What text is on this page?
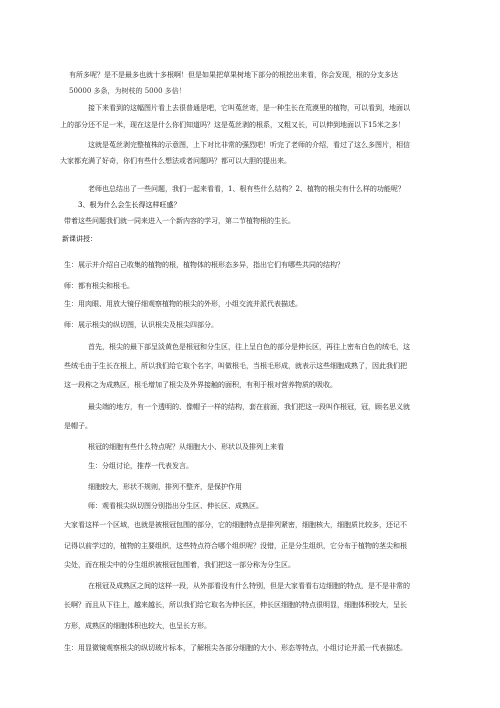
有所多呢？是不是最多也就十多根啊！但是如果把草果树地下部分的根挖出来看，你会发现，根的分支多达

50000 多条，为树枝的 5000 多倍！

接下来看到的这幅图片看上去很普通是吧，它叫菟丝寄，是一种生长在荒漠里的植物，可以看到，地面以

上的部分还不足一米，现在这是什么你们知道吗？这是菟丝剥的根系，又粗又长，可以伸到地面以下15米之多！

这就是菟丝剥完整植株的示意图，上下对比非常的强烈吧！听完了老师的介绍，看过了这么多图片，相信

大家都充满了好奇，你们有些什么想法或者问题吗？都可以大胆的提出来。

老师也总结出了一些问题，我们一起来看看，1、根有些什么结构？2、植物的根尖有什么样的功能呢？

3、根为什么会生长得这样旺盛？

带着这些问题我们就一同来进入一个新内容的学习，第二节植物根的生长。

新课讲授：

生：展示并介绍自己收集的植物的根，植物体的根形态多异，指出它们有哪些共同的结构？

师：都有根尖和根毛。

生：用肉眼、用放大镜仔细观察植物的根尖的外形，小组交流并派代表描述。

师：展示根尖的纵切图，认识根尖及根尖四部分。

首先，根尖的最下部呈淡黄色是根冠和分生区，往上呈白色的部分是伸长区，再往上密布白色的绒毛，这

些绒毛由于生长在根上，所以我们给它取个名字，叫做根毛，当根毛形成，就表示这些细胞成熟了，因此我们把

这一段称之为成熟区，根毛增加了根尖及外界接触的面积，有利于根对营养物质的吸收。

最尖端的地方，有一个透明的、像帽子一样的结构，套在前面，我们把这一段叫作根冠，冠，顾名思义就

是帽子。

根冠的细胞有些什么特点呢？从细胞大小、形状以及排列上来看

生：分组讨论，推荐一代表发言。

细胞较大，形状不规则，排列不整齐，是保护作用

师：观看根尖纵切图分别指出分生区、伸长区、成熟区。

大家看这样一个区域，也就是被根冠包围的部分，它的细胞特点是排列紧密，细胞核大，细胞质比较多，还记不

记得以前学过的，植物的主要组织，这些特点符合哪个组织呢？没错，正是分生组织，它分布于植物的茎尖和根

尖处，而在根尖中的分生组织被根冠包围着，我们把这一部分称为分生区。

在根冠及成熟区之间的这样一段，从外部看没有什么特别，但是大家看看右边细胞的特点，是不是非常的

长啊？而且从下往上，越来越长，所以我们给它取名为伸长区，伸长区细胞的特点很明显，细胞体积较大，呈长

方形，成熟区的细胞体积也较大，也呈长方形。

生：用显微镜观察根尖的纵切玻片标本，了解根尖各部分细胞的大小、形态等特点，小组讨论并派一代表描述。
